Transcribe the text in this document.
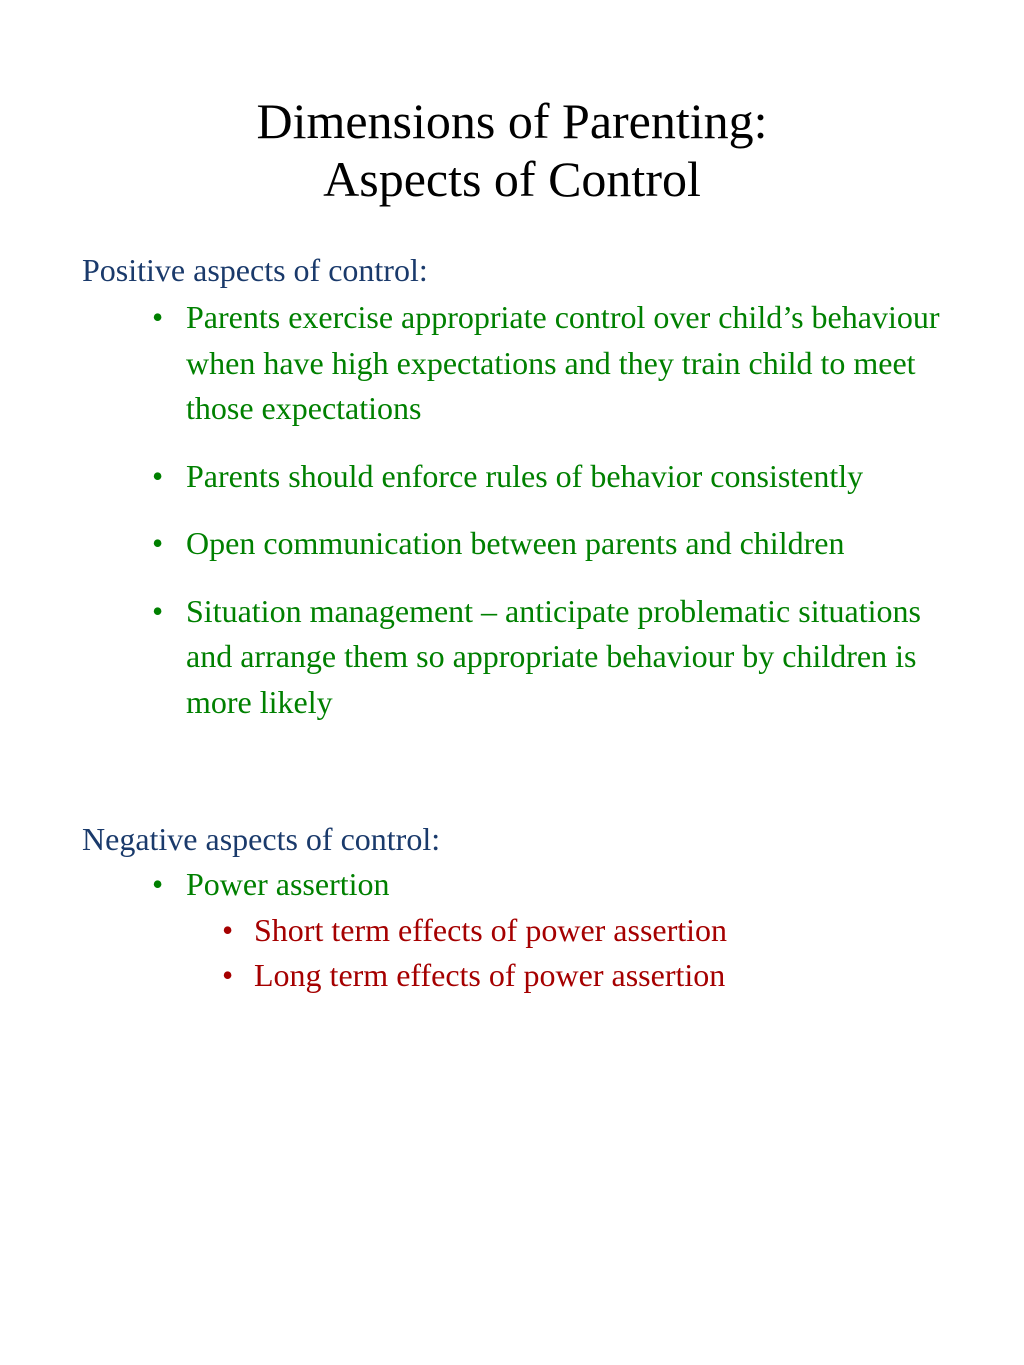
Dimensions of Parenting:
Aspects of Control
Positive aspects of control:
• Parents exercise appropriate control over child’s behaviour when have high expectations and they train child to meet those expectations
• Parents should enforce rules of behavior consistently
• Open communication between parents and children
• Situation management – anticipate problematic situations and arrange them so appropriate behaviour by children is more likely
Negative aspects of control:
• Power assertion
• Short term effects of power assertion
• Long term effects of power assertion
